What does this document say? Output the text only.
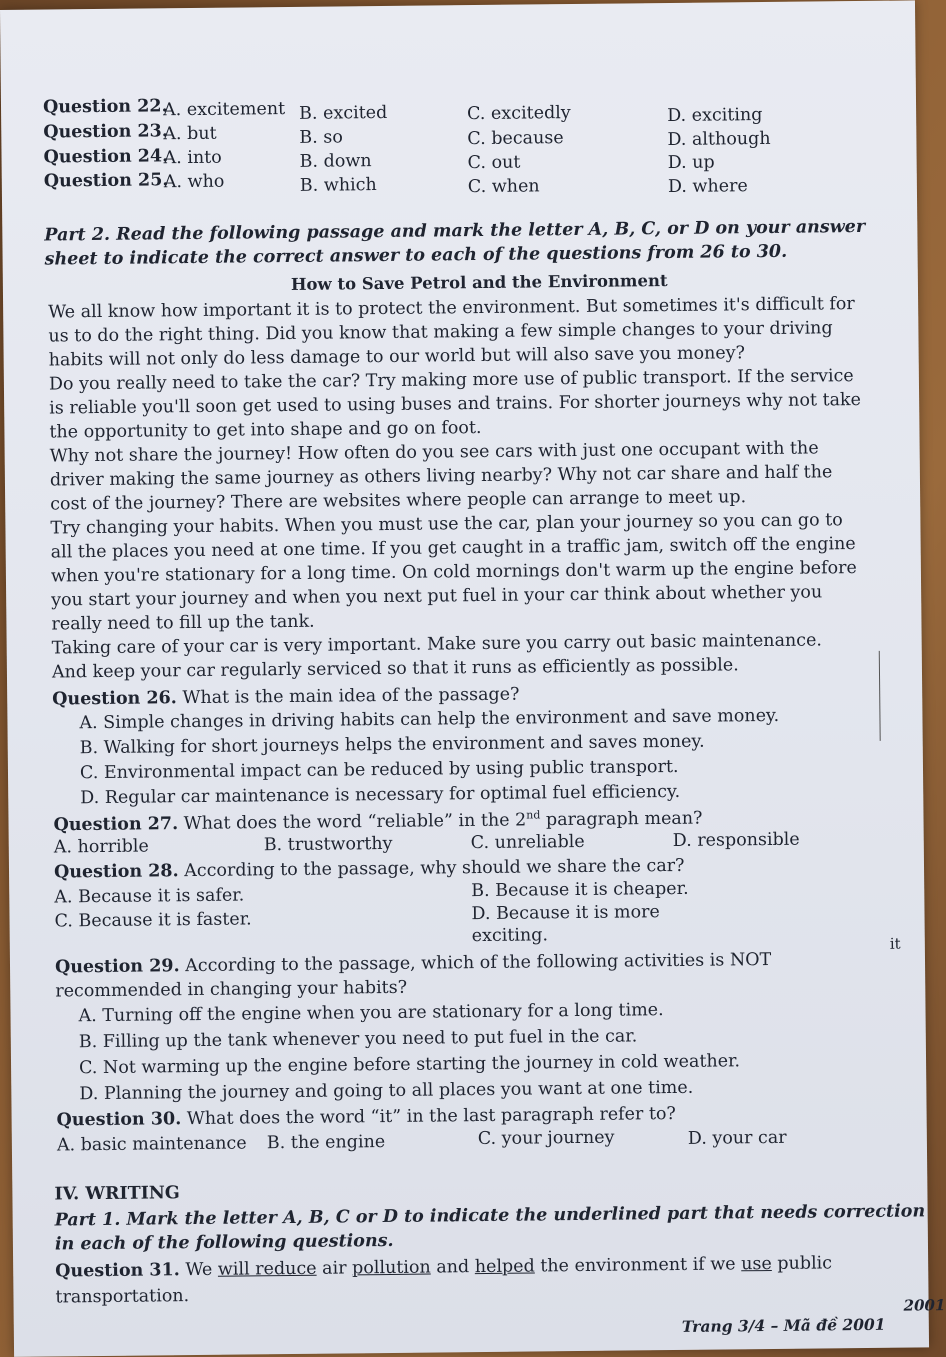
Question 22.
A. excitement B. excited	C. excitedly	D. exciting
Question 23.
A. but	B. so	C. because	D. although
Question 24.
A. into	B. down	C. out	D. up
Question 25.
A. who	B. which	C. when	D. where
Part 2. Read the following passage and mark the letter A, B, C, or D on your answer
sheet to indicate the correct answer to each of the questions from 26 to 30.
How to Save Petrol and the Environment
We all know how important it is to protect the environment. But sometimes it's difficult for
us to do the right thing. Did you know that making a few simple changes to your driving
habits will not only do less damage to our world but will also save you money?
Do you really need to take the car? Try making more use of public transport. If the service
is reliable you'll soon get used to using buses and trains. For shorter journeys why not take
the opportunity to get into shape and go on foot.
Why not share the journey! How often do you see cars with just one occupant with the
driver making the same journey as others living nearby? Why not car share and half the
cost of the journey? There are websites where people can arrange to meet up.
Try changing your habits. When you must use the car, plan your journey so you can go to
all the places you need at one time. If you get caught in a traffic jam, switch off the engine
when you're stationary for a long time. On cold mornings don't warm up the engine before
you start your journey and when you next put fuel in your car think about whether you
really need to fill up the tank.
Taking care of your car is very important. Make sure you carry out basic maintenance.
And keep your car regularly serviced so that it runs as efficiently as possible.
Question 26. What is the main idea of the passage?
A. Simple changes in driving habits can help the environment and save money.
B. Walking for short journeys helps the environment and saves money.
C. Environmental impact can be reduced by using public transport.
D. Regular car maintenance is necessary for optimal fuel efficiency.
Question 27. What does the word “reliable” in the 2nd paragraph mean?
A. horrible	B. trustworthy	C. unreliable	D. responsible
Question 28. According to the passage, why should we share the car?
A. Because it is safer.	B. Because it is cheaper.
C. Because it is faster.	D. Because it is more
exciting.	it
Question 29. According to the passage, which of the following activities is NOT
recommended in changing your habits?
A. Turning off the engine when you are stationary for a long time.
B. Filling up the tank whenever you need to put fuel in the car.
C. Not warming up the engine before starting the journey in cold weather.
D. Planning the journey and going to all places you want at one time.
Question 30. What does the word “it” in the last paragraph refer to?
A. basic maintenance B. the engine	C. your journey	D. your car
IV. WRITING
Part 1. Mark the letter A, B, C or D to indicate the underlined part that needs correction
in each of the following questions.
Question 31. We will reduce air pollution and helped the environment if we use public
transportation.	2001
Trang 3/4 – Mã đề 2001
